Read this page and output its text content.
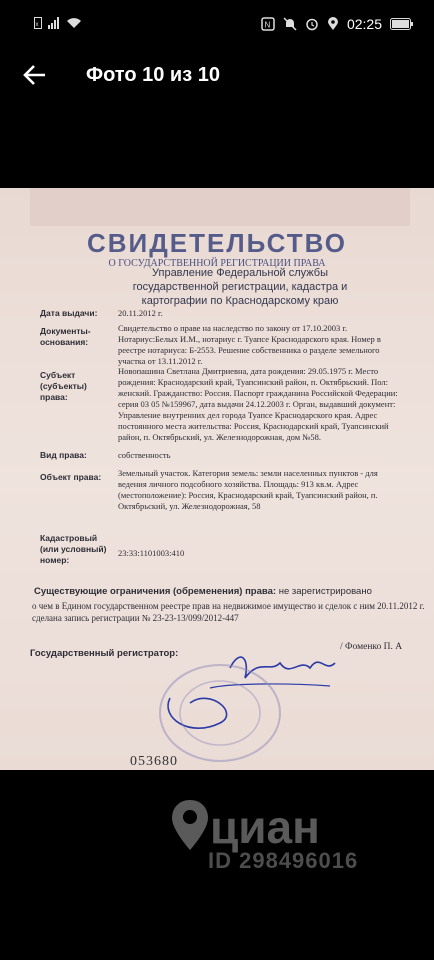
x	N	02:25
Фото 10 из 10
СВИДЕТЕЛЬСТВО
О ГОСУДАРСТВЕННОЙ РЕГИСТРАЦИИ ПРАВА
Управление Федеральной службы государственной регистрации, кадастра и картографии по Краснодарскому краю
Дата выдачи:	20.11.2012 г.
Документы-основания:
Свидетельство о праве на наследство по закону от 17.10.2003 г. Нотариус:Белых И.М., нотариус г. Туапсе Краснодарского края. Номер в реестре нотариуса: Б-2553. Решение собственника о разделе земельного участка от 13.11.2012 г.
Субъект (субъекты) права:
Новопашина Светлана Дмитриевна, дата рождения: 29.05.1975 г. Место рождения: Краснодарский край, Туапсинский район, п. Октябрьский. Пол: женский. Гражданство: Россия. Паспорт гражданина Российской Федерации: серия 03 05 №159967, дата выдачи 24.12.2003 г. Орган, выдавший документ: Управление внутренних дел города Туапсе Краснодарского края. Адрес постоянного места жительства: Россия, Краснодарский край, Туапсинский район, п. Октябрьский, ул. Железнодорожная, дом №58.
Вид права:	собственность
Объект права:	Земельный участок. Категория земель: земли населенных пунктов - для ведения личного подсобного хозяйства. Площадь: 913 кв.м. Адрес (местоположение): Россия, Краснодарский край, Туапсинский район, п. Октябрьский, ул. Железнодорожная, 58
Кадастровый (или условный) номер:
23:33:1101003:410
Существующие ограничения (обременения) права: не зарегистрировано
о чем в Едином государственном реестре прав на недвижимое имущество и сделок с ним 20.11.2012 г. сделана запись регистрации № 23-23-13/099/2012-447
Государственный регистратор:
/ Фоменко П. А
053680
циан
ID 298496016
